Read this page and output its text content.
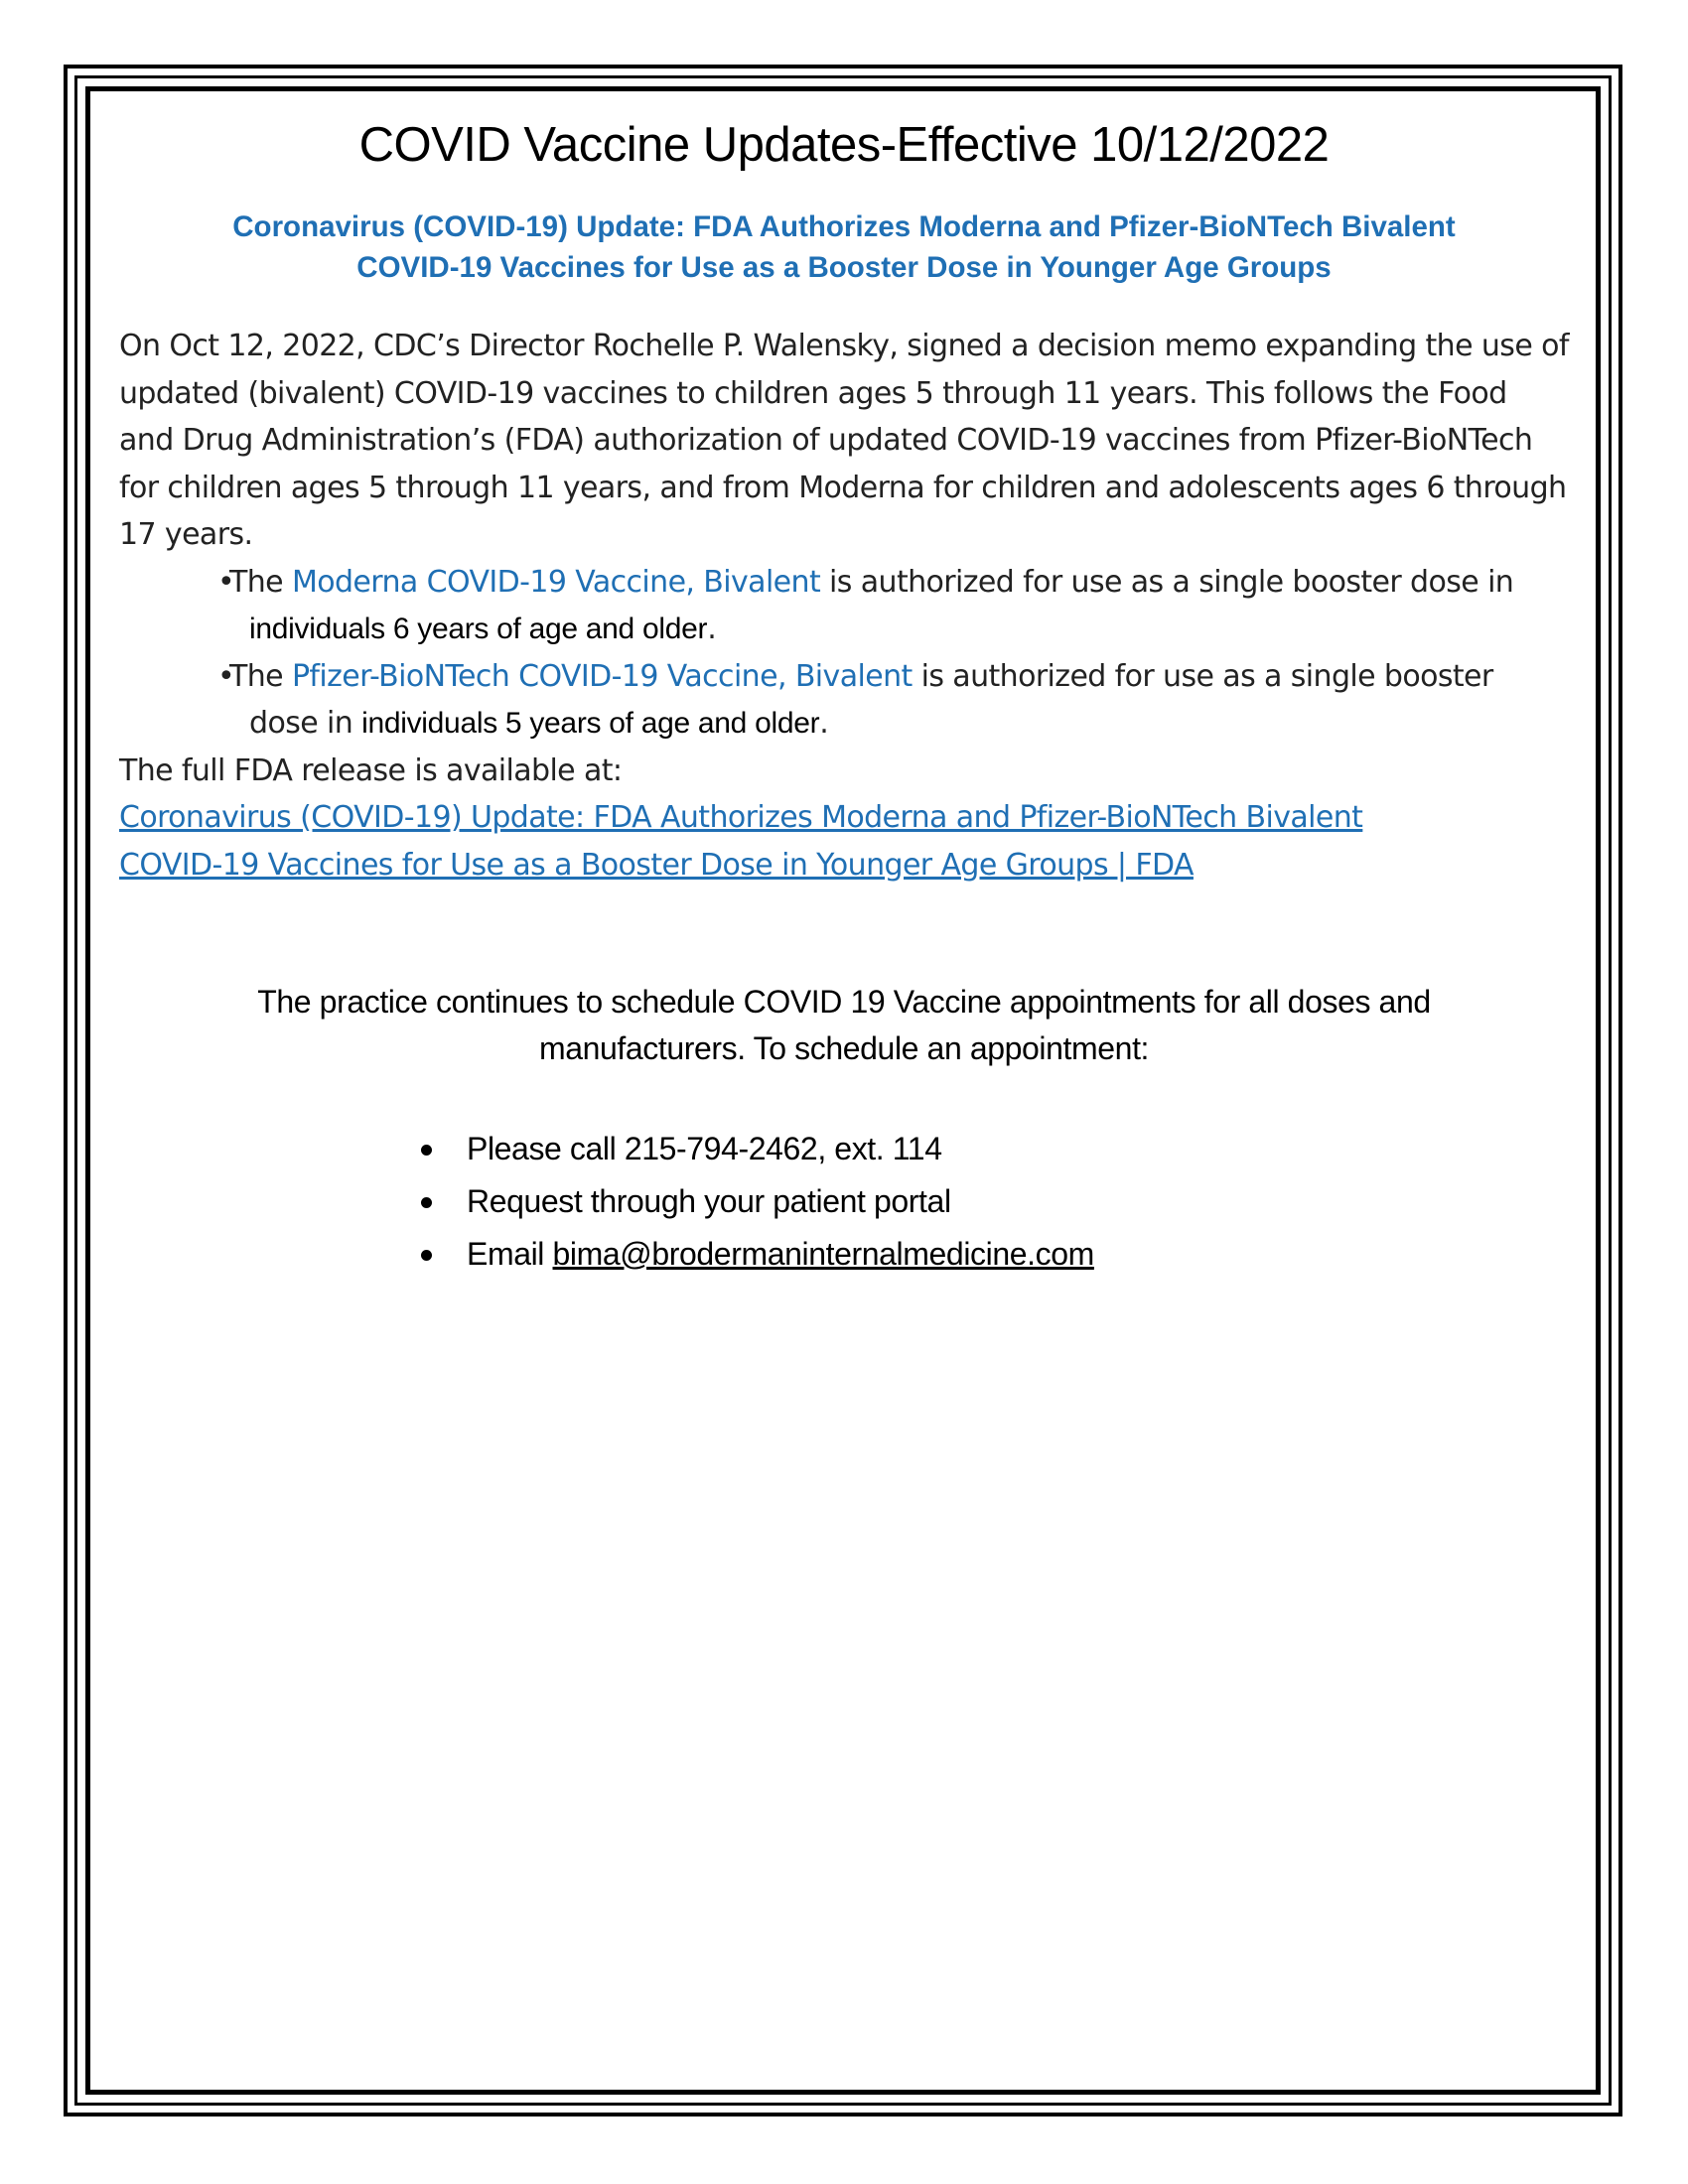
COVID Vaccine Updates-Effective 10/12/2022
Coronavirus (COVID-19) Update: FDA Authorizes Moderna and Pfizer-BioNTech Bivalent
COVID-19 Vaccines for Use as a Booster Dose in Younger Age Groups

On Oct 12, 2022, CDC’s Director Rochelle P. Walensky, signed a decision memo expanding the use of updated (bivalent) COVID-19 vaccines to children ages 5 through 11 years. This follows the Food and Drug Administration’s (FDA) authorization of updated COVID-19 vaccines from Pfizer-BioNTech for children ages 5 through 11 years, and from Moderna for children and adolescents ages 6 through 17 years.

•The Moderna COVID-19 Vaccine, Bivalent is authorized for use as a single booster dose in individuals 6 years of age and older.
•The Pfizer-BioNTech COVID-19 Vaccine, Bivalent is authorized for use as a single booster dose in individuals 5 years of age and older.

The full FDA release is available at:

Coronavirus (COVID-19) Update: FDA Authorizes Moderna and Pfizer-BioNTech Bivalent
COVID-19 Vaccines for Use as a Booster Dose in Younger Age Groups | FDA
The practice continues to schedule COVID 19 Vaccine appointments for all doses and
manufacturers. To schedule an appointment:
Please call 215-794-2462, ext. 114
Request through your patient portal
Email bima@brodermaninternalmedicine.com
